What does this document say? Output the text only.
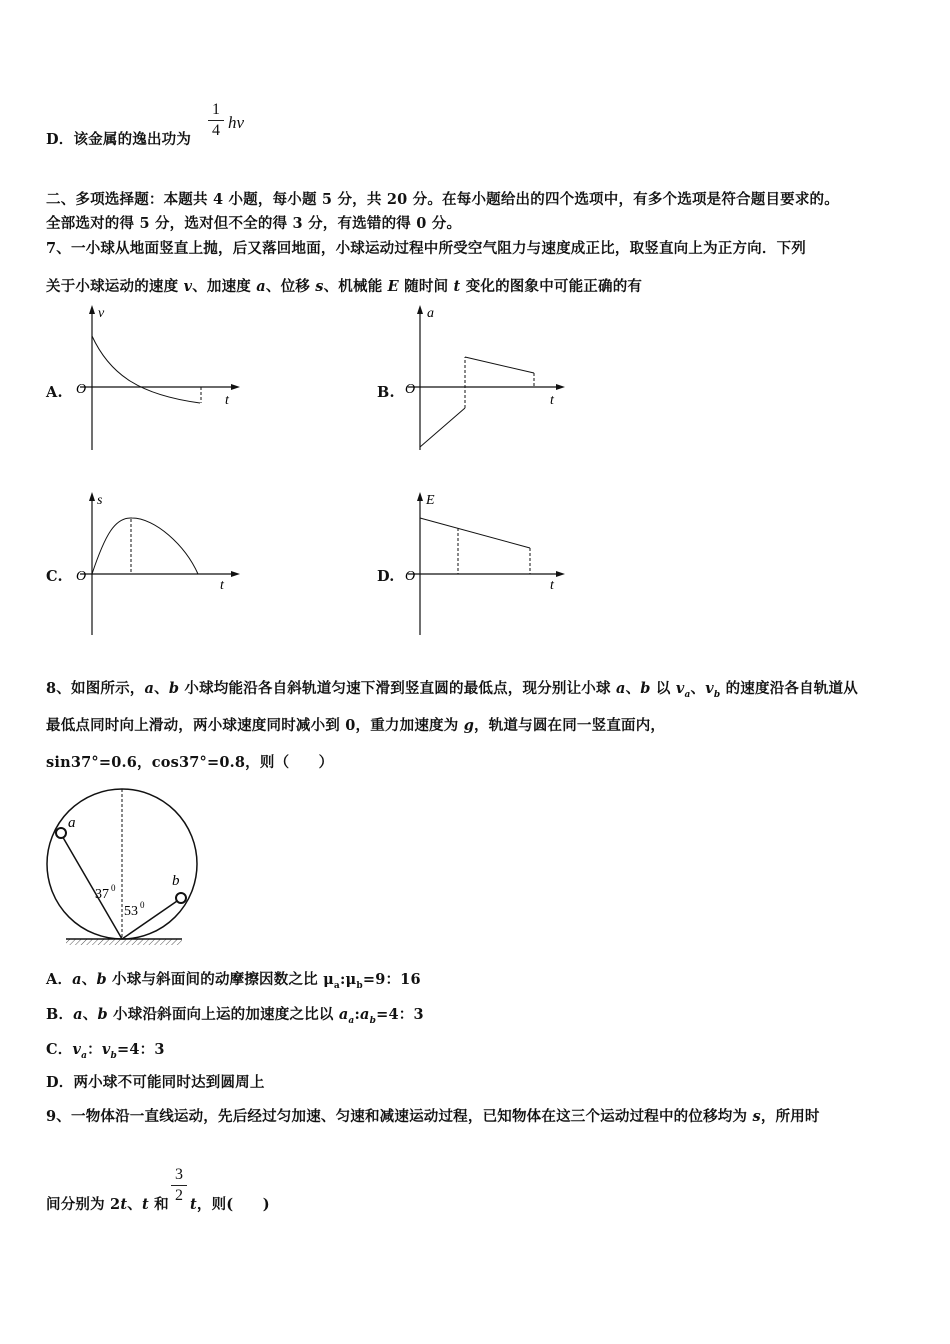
D．该金属的逸出功为
1
4 hν
二、多项选择题：本题共 4 小题，每小题 5 分，共 20 分。在每小题给出的四个选项中，有多个选项是符合题目要求的。
全部选对的得 5 分，选对但不全的得 3 分，有选错的得 0 分。
7、一小球从地面竖直上抛，后又落回地面，小球运动过程中所受空气阻力与速度成正比，取竖直向上为正方向．下列
关于小球运动的速度 v、加速度 a、位移 s、机械能 E 随时间 t 变化的图象中可能正确的有
A.
v
t
O	B.
a
t
O
C.
s
t
O	D.
E
t
O
8、如图所示，a、b 小球均能沿各自斜轨道匀速下滑到竖直圆的最低点，现分别让小球 a、b 以 $v_a$、$v_b$ 的速度沿各自轨道从
最低点同时向上滑动，两小球速度同时减小到 0，重力加速度为 g，轨道与圆在同一竖直面内，
sin37°=0.6，cos37°=0.8，则（　　）
a
b
37 0
53 0
A．a、b 小球与斜面间的动摩擦因数之比 $\mu_a:\mu_b=9$：16
B．a、b 小球沿斜面向上运的加速度之比以 $a_a:a_b=4$：3
C．$v_a$：$v_b=4$：3
D．两小球不可能同时达到圆周上
9、一物体沿一直线运动，先后经过匀加速、匀速和减速运动过程，已知物体在这三个运动过程中的位移均为 s，所用时
间分别为 2t、t 和
3
2
t，则(　　)
